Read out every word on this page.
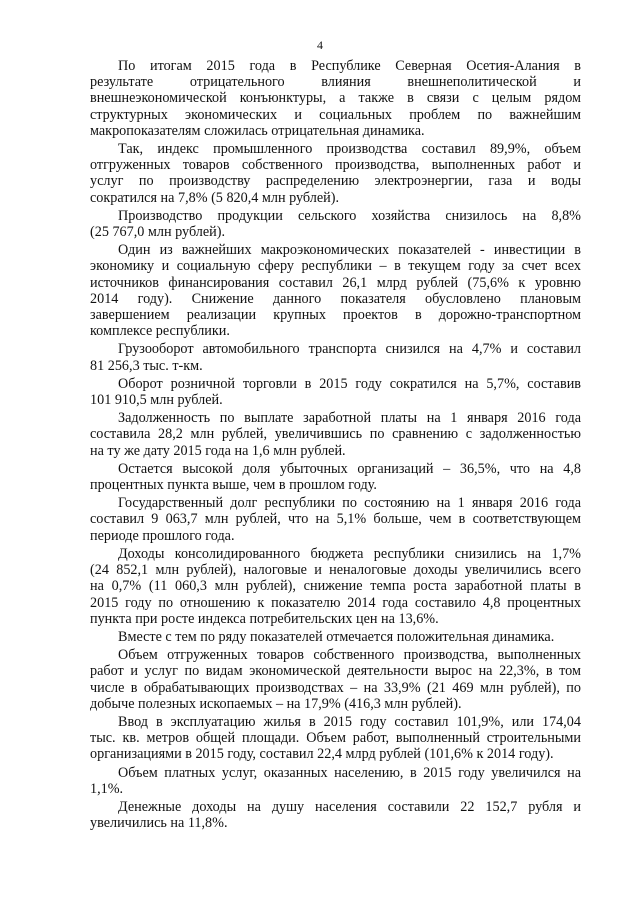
4

По итогам 2015 года в Республике Северная Осетия-Алания в
результате отрицательного влияния внешнеполитической и
внешнеэкономической конъюнктуры, а также в связи с целым рядом
структурных экономических и социальных проблем по важнейшим
макропоказателям сложилась отрицательная динамика.

Так, индекс промышленного производства составил 89,9%, объем
отгруженных товаров собственного производства, выполненных работ и
услуг по производству распределению электроэнергии, газа и воды
сократился на 7,8% (5 820,4 млн рублей).

Производство продукции сельского хозяйства снизилось на 8,8%
(25 767,0 млн рублей).

Один из важнейших макроэкономических показателей - инвестиции в
экономику и социальную сферу республики – в текущем году за счет всех
источников финансирования составил 26,1 млрд рублей (75,6% к уровню
2014 году). Снижение данного показателя обусловлено плановым
завершением реализации крупных проектов в дорожно-транспортном
комплексе республики.

Грузооборот автомобильного транспорта снизился на 4,7% и составил
81 256,3 тыс. т-км.

Оборот розничной торговли в 2015 году сократился на 5,7%, составив
101 910,5 млн рублей.

Задолженность по выплате заработной платы на 1 января 2016 года
составила 28,2 млн рублей, увеличившись по сравнению с задолженностью
на ту же дату 2015 года на 1,6 млн рублей.

Остается высокой доля убыточных организаций – 36,5%, что на 4,8
процентных пункта выше, чем в прошлом году.

Государственный долг республики по состоянию на 1 января 2016 года
составил 9 063,7 млн рублей, что на 5,1% больше, чем в соответствующем
периоде прошлого года.

Доходы консолидированного бюджета республики снизились на 1,7%
(24 852,1 млн рублей), налоговые и неналоговые доходы увеличились всего
на 0,7% (11 060,3 млн рублей), снижение темпа роста заработной платы в
2015 году по отношению к показателю 2014 года составило 4,8 процентных
пункта при росте индекса потребительских цен на 13,6%.

Вместе с тем по ряду показателей отмечается положительная динамика.

Объем отгруженных товаров собственного производства, выполненных
работ и услуг по видам экономической деятельности вырос на 22,3%, в том
числе в обрабатывающих производствах – на 33,9% (21 469 млн рублей), по
добыче полезных ископаемых – на 17,9% (416,3 млн рублей).

Ввод в эксплуатацию жилья в 2015 году составил 101,9%, или 174,04
тыс. кв. метров общей площади. Объем работ, выполненный строительными
организациями в 2015 году, составил 22,4 млрд рублей (101,6% к 2014 году).

Объем платных услуг, оказанных населению, в 2015 году увеличился на
1,1%.

Денежные доходы на душу населения составили 22 152,7 рубля и
увеличились на 11,8%.
